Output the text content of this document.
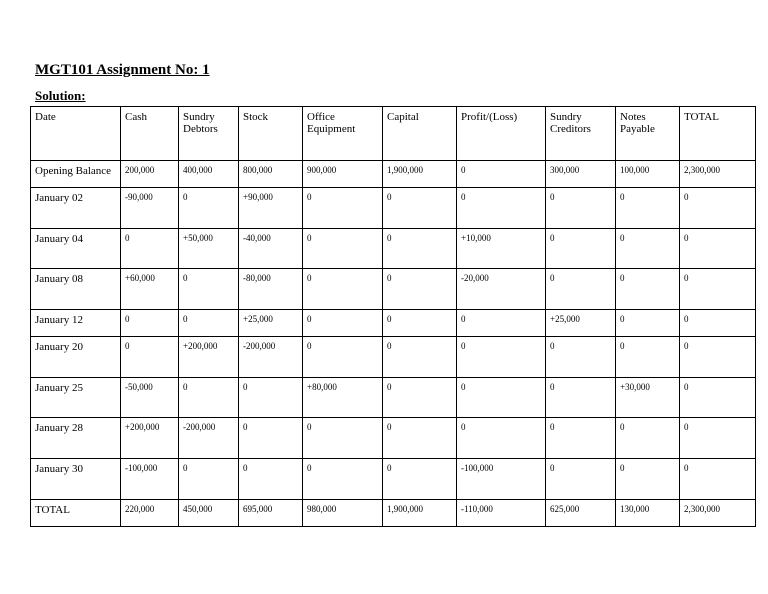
MGT101 Assignment No: 1
Solution:
Date	Cash	Sundry Debtors	Stock	Office Equipment	Capital	Profit/(Loss)	Sundry Creditors	Notes Payable	TOTAL
Opening Balance	200,000	400,000	800,000	900,000	1,900,000	0	300,000	100,000	2,300,000
January 02	-90,000	0	+90,000	0	0	0	0	0	0
January 04	0	+50,000	-40,000	0	0	+10,000	0	0	0
January 08	+60,000	0	-80,000	0	0	-20,000	0	0	0
January 12	0	0	+25,000	0	0	0	+25,000	0	0
January 20	0	+200,000	-200,000	0	0	0	0	0	0
January 25	-50,000	0	0	+80,000	0	0	0	+30,000	0
January 28	+200,000	-200,000	0	0	0	0	0	0	0
January 30	-100,000	0	0	0	0	-100,000	0	0	0
TOTAL	220,000	450,000	695,000	980,000	1,900,000	-110,000	625,000	130,000	2,300,000
